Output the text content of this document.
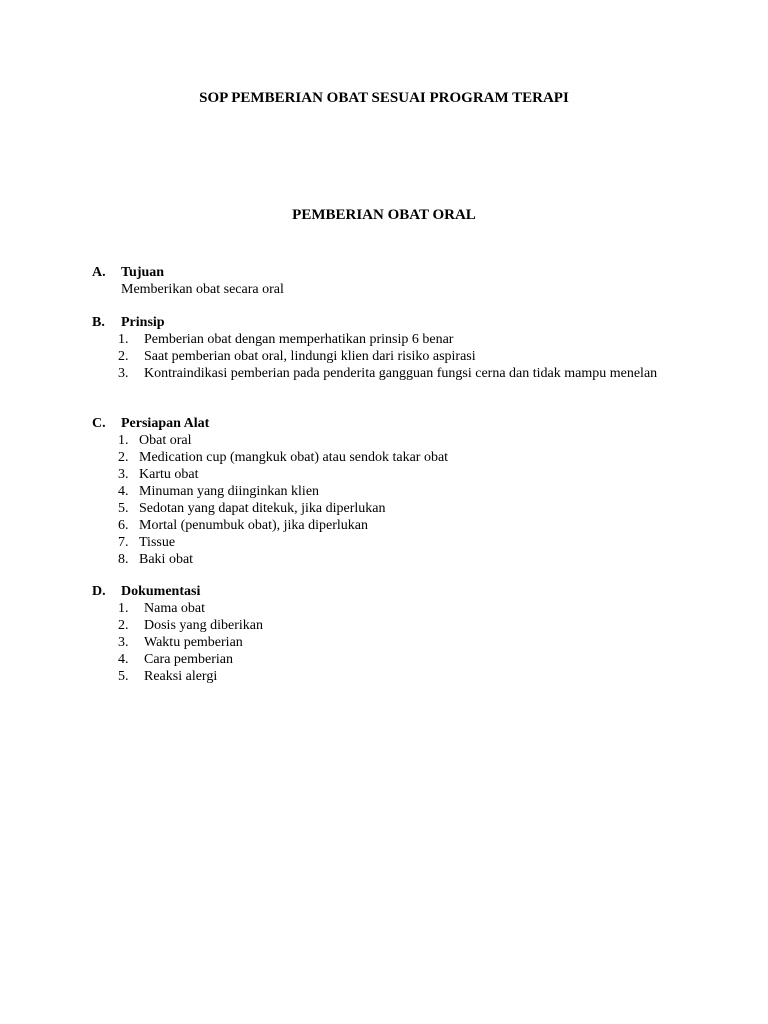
SOP PEMBERIAN OBAT SESUAI PROGRAM TERAPI
PEMBERIAN OBAT ORAL
A. Tujuan
Memberikan obat secara oral
B. Prinsip
1. Pemberian obat dengan memperhatikan prinsip 6 benar
2. Saat pemberian obat oral, lindungi klien dari risiko aspirasi
3. Kontraindikasi pemberian pada penderita gangguan fungsi cerna dan tidak mampu menelan
C. Persiapan Alat
1. Obat oral
2. Medication cup (mangkuk obat) atau sendok takar obat
3. Kartu obat
4. Minuman yang diinginkan klien
5. Sedotan yang dapat ditekuk, jika diperlukan
6. Mortal (penumbuk obat), jika diperlukan
7. Tissue
8. Baki obat
D. Dokumentasi
1. Nama obat
2. Dosis yang diberikan
3. Waktu pemberian
4. Cara pemberian
5. Reaksi alergi
